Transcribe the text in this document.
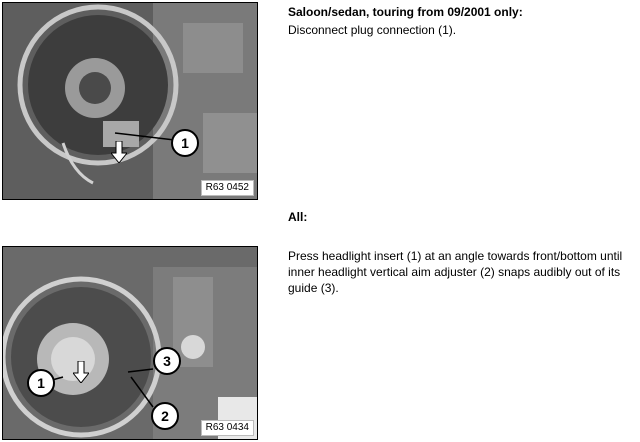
1
R63 0452
Saloon/sedan, touring from 09/2001 only:
Disconnect plug connection (1).
All:
1
3
2
R63 0434
Press headlight insert (1) at an angle towards front/bottom until inner headlight vertical aim adjuster (2) snaps audibly out of its guide (3).
